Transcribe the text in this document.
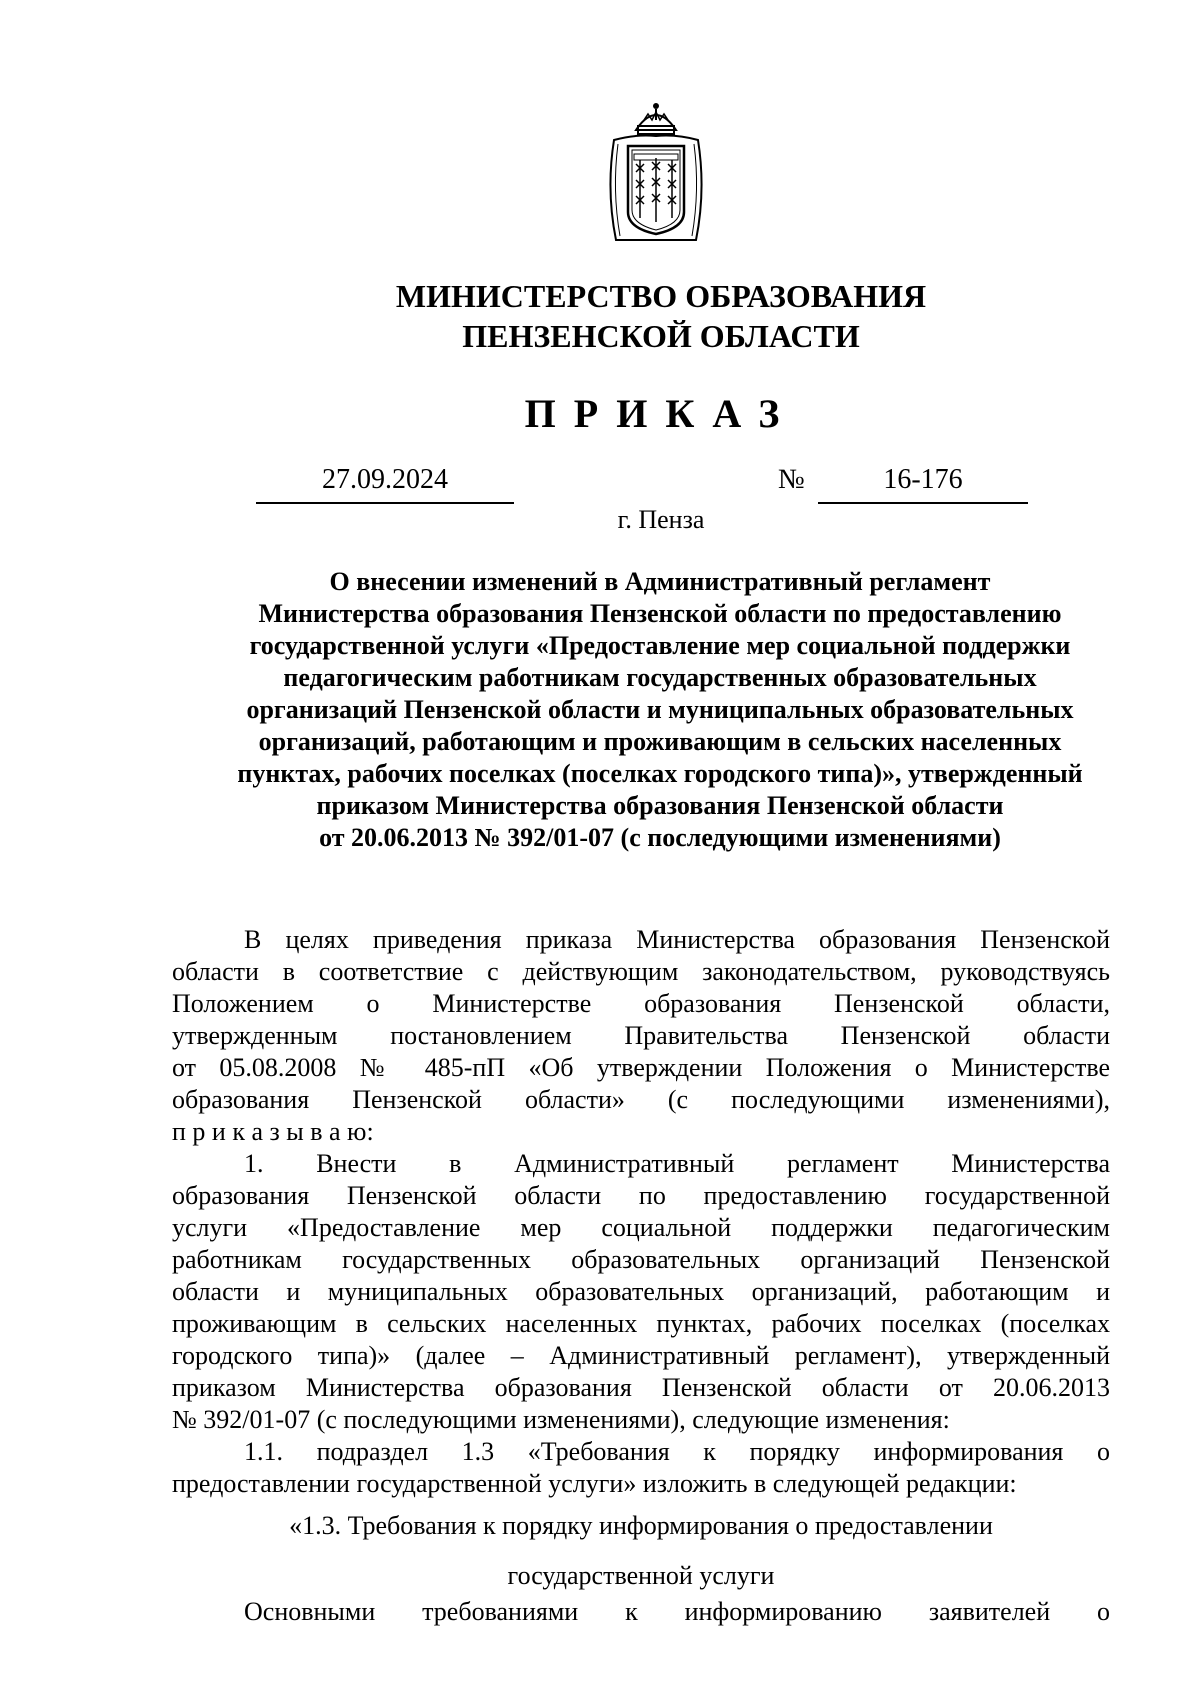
МИНИСТЕРСТВО ОБРАЗОВАНИЯ
ПЕНЗЕНСКОЙ ОБЛАСТИ
ПРИКАЗ
27.09.2024	№	16-176
г. Пенза
О внесении изменений в Административный регламент
Министерства образования Пензенской области по предоставлению
государственной услуги «Предоставление мер социальной поддержки
педагогическим работникам государственных образовательных
организаций Пензенской области и муниципальных образовательных
организаций, работающим и проживающим в сельских населенных
пунктах, рабочих поселках (поселках городского типа)», утвержденный
приказом Министерства образования Пензенской области
от 20.06.2013 № 392/01-07 (с последующими изменениями)

В целях приведения приказа Министерства образования Пензенской
области в соответствие с действующим законодательством, руководствуясь
Положением о Министерстве образования Пензенской области,
утвержденным постановлением Правительства Пензенской области
от 05.08.2008 № 485-пП «Об утверждении Положения о Министерстве
образования Пензенской области» (с последующими изменениями),
п р и к а з ы в а ю:

1. Внести в Административный регламент Министерства
образования Пензенской области по предоставлению государственной
услуги «Предоставление мер социальной поддержки педагогическим
работникам государственных образовательных организаций Пензенской
области и муниципальных образовательных организаций, работающим и
проживающим в сельских населенных пунктах, рабочих поселках (поселках
городского типа)» (далее – Административный регламент), утвержденный
приказом Министерства образования Пензенской области от 20.06.2013
№ 392/01-07 (с последующими изменениями), следующие изменения:

1.1. подраздел 1.3 «Требования к порядку информирования о
предоставлении государственной услуги» изложить в следующей редакции:

«1.3. Требования к порядку информирования о предоставлении
государственной услуги

Основными требованиями к информированию заявителей о
